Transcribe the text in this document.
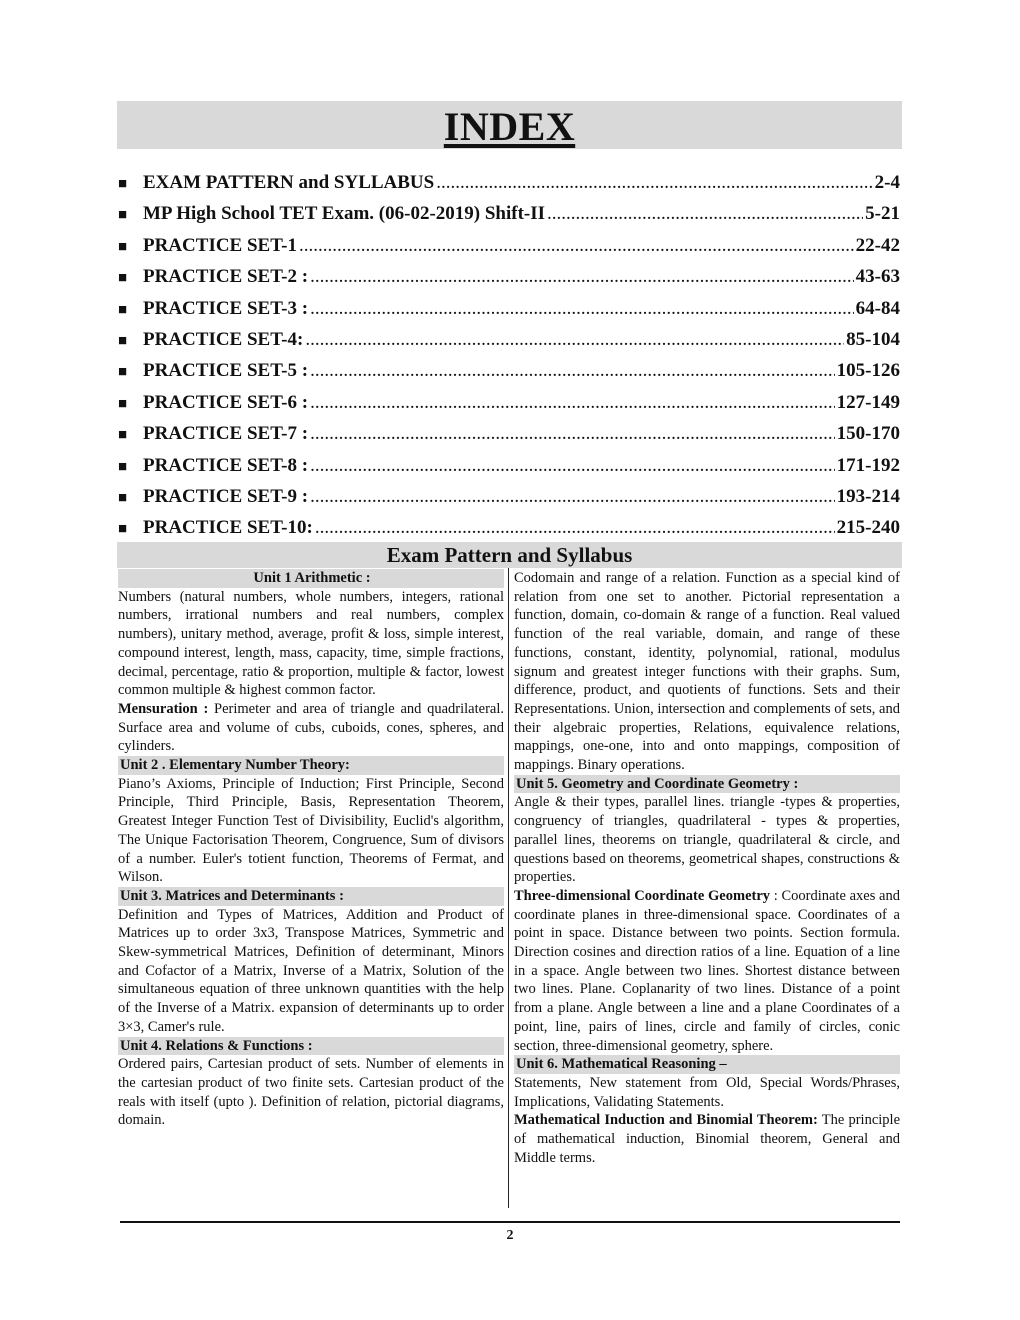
INDEX
■ EXAM PATTERN and SYLLABUS .....	2-4
■ MP High School TET Exam. (06-02-2019) Shift-II .....	5-21
■ PRACTICE SET-1 .....	22-42
■ PRACTICE SET-2 : .....	43-63
■ PRACTICE SET-3 : .....	64-84
■ PRACTICE SET-4: .....	85-104
■ PRACTICE SET-5 : .....	105-126
■ PRACTICE SET-6 : .....	127-149
■ PRACTICE SET-7 : .....	150-170
■ PRACTICE SET-8 : .....	171-192
■ PRACTICE SET-9 : .....	193-214
■ PRACTICE SET-10: .....	215-240
Exam Pattern and Syllabus
Unit 1 Arithmetic :

Numbers (natural numbers, whole numbers, integers, rational numbers, irrational numbers and real numbers, complex numbers), unitary method, average, profit & loss, simple interest, compound interest, length, mass, capacity, time, simple fractions, decimal, percentage, ratio & proportion, multiple & factor, lowest common multiple & highest common factor.

Mensuration : Perimeter and area of triangle and quadrilateral. Surface area and volume of cubs, cuboids, cones, spheres, and cylinders.

Unit 2 . Elementary Number Theory:

Piano’s Axioms, Principle of Induction; First Principle, Second Principle, Third Principle, Basis, Representation Theorem, Greatest Integer Function Test of Divisibility, Euclid's algorithm, The Unique Factorisation Theorem, Congruence, Sum of divisors of a number. Euler's totient function, Theorems of Fermat, and Wilson.

Unit 3. Matrices and Determinants :

Definition and Types of Matrices, Addition and Product of Matrices up to order 3x3, Transpose Matrices, Symmetric and Skew-symmetrical Matrices, Definition of determinant, Minors and Cofactor of a Matrix, Inverse of a Matrix, Solution of the simultaneous equation of three unknown quantities with the help of the Inverse of a Matrix. expansion of determinants up to order 3×3, Camer's rule.

Unit 4. Relations & Functions :

Ordered pairs, Cartesian product of sets. Number of elements in the cartesian product of two finite sets. Cartesian product of the reals with itself (upto ). Definition of relation, pictorial diagrams, domain.

Codomain and range of a relation. Function as a special kind of relation from one set to another. Pictorial representation a function, domain, co-domain & range of a function. Real valued function of the real variable, domain, and range of these functions, constant, identity, polynomial, rational, modulus signum and greatest integer functions with their graphs. Sum, difference, product, and quotients of functions. Sets and their Representations. Union, intersection and complements of sets, and their algebraic properties, Relations, equivalence relations, mappings, one-one, into and onto mappings, composition of mappings. Binary operations.

Unit 5. Geometry and Coordinate Geometry :

Angle & their types, parallel lines. triangle -types & properties, congruency of triangles, quadrilateral - types & properties, parallel lines, theorems on triangle, quadrilateral & circle, and questions based on theorems, geometrical shapes, constructions & properties.

Three-dimensional Coordinate Geometry : Coordinate axes and coordinate planes in three-dimensional space. Coordinates of a point in space. Distance between two points. Section formula. Direction cosines and direction ratios of a line. Equation of a line in a space. Angle between two lines. Shortest distance between two lines. Plane. Coplanarity of two lines. Distance of a point from a plane. Angle between a line and a plane Coordinates of a point, line, pairs of lines, circle and family of circles, conic section, three-dimensional geometry, sphere.

Unit 6. Mathematical Reasoning –

Statements, New statement from Old, Special Words/Phrases, Implications, Validating Statements.

Mathematical Induction and Binomial Theorem: The principle of mathematical induction, Binomial theorem, General and Middle terms.

2
